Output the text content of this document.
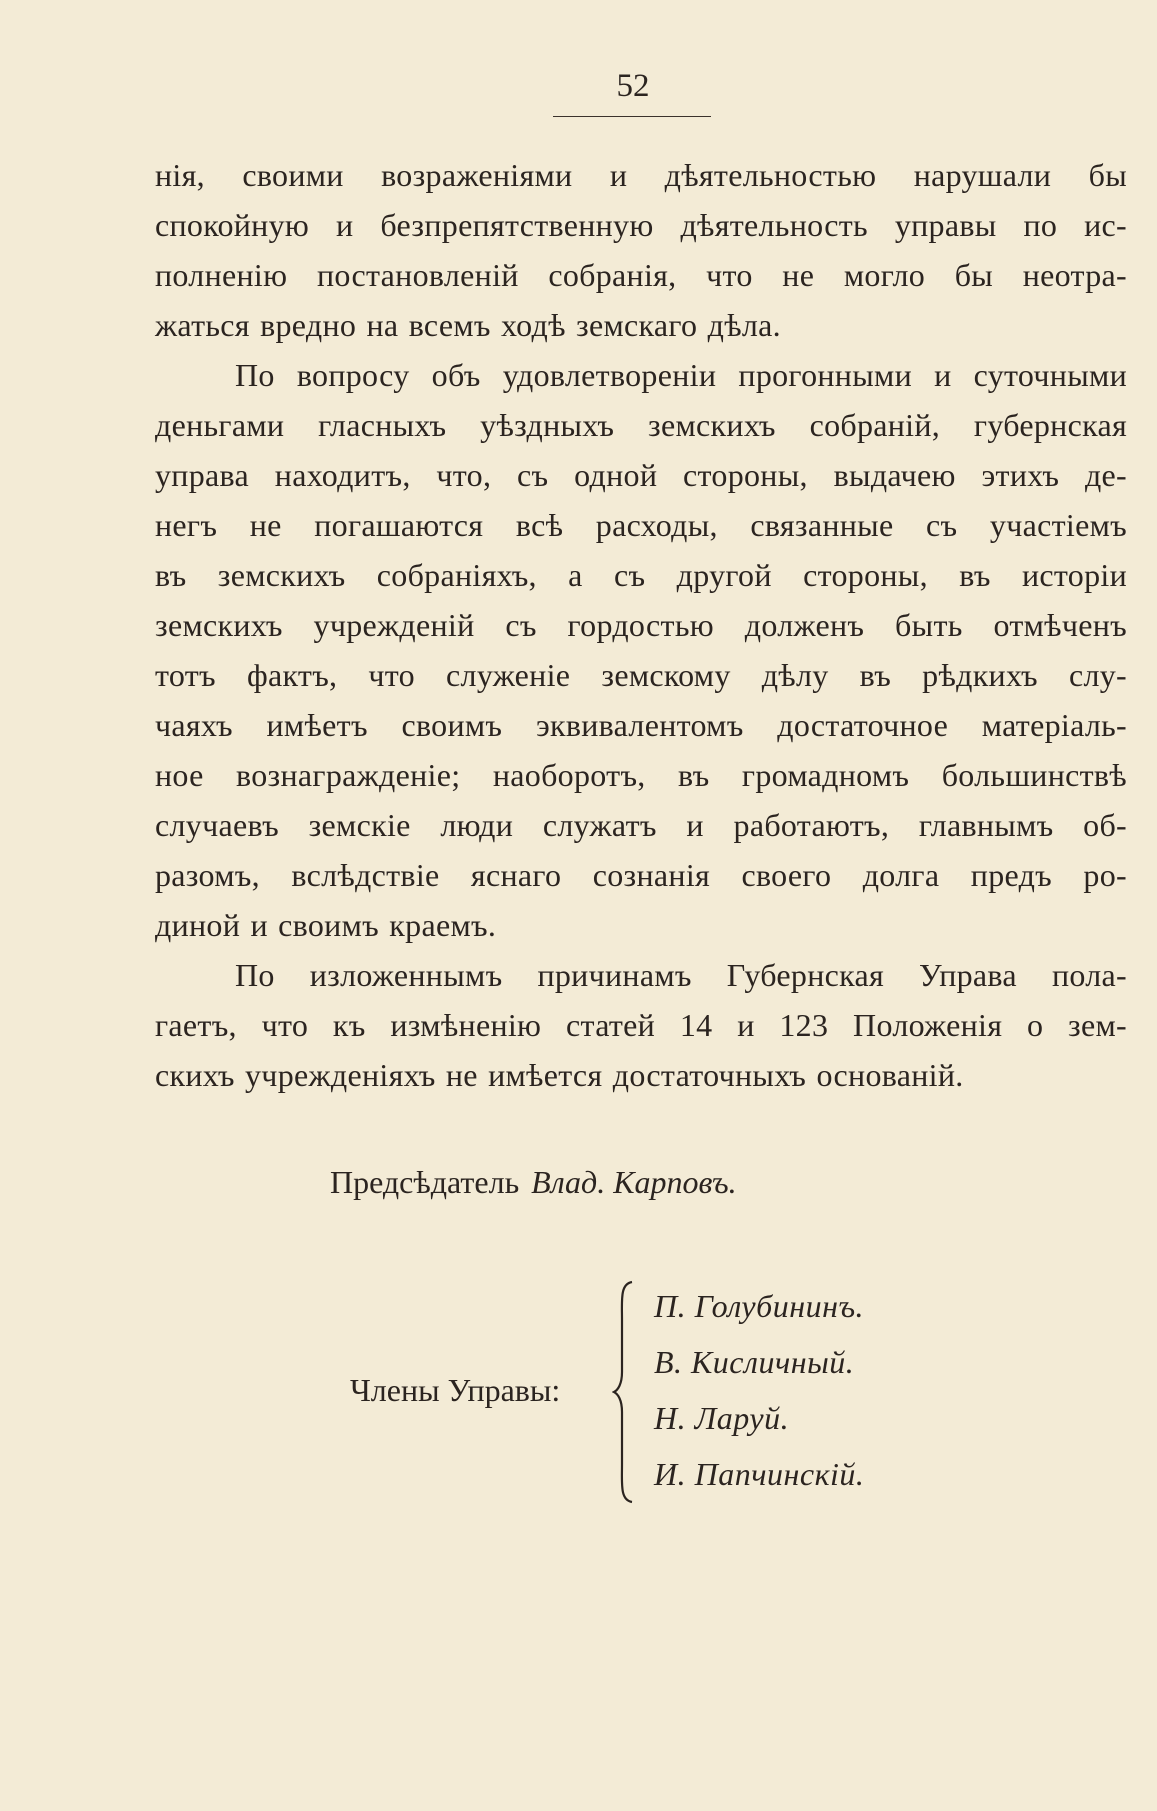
52
нія, своими возраженіями и дѣятельностью нарушали бы
спокойную и безпрепятственную дѣятельность управы по ис-
полненію постановленій собранія, что не могло бы неотра-
жаться вредно на всемъ ходѣ земскаго дѣла.
По вопросу объ удовлетвореніи прогонными и суточными
деньгами гласныхъ уѣздныхъ земскихъ собраній, губернская
управа находитъ, что, съ одной стороны, выдачею этихъ де-
негъ не погашаются всѣ расходы, связанные съ участіемъ
въ земскихъ собраніяхъ, а съ другой стороны, въ исторіи
земскихъ учрежденій съ гордостью долженъ быть отмѣченъ
тотъ фактъ, что служеніе земскому дѣлу въ рѣдкихъ слу-
чаяхъ имѣетъ своимъ эквивалентомъ достаточное матеріаль-
ное вознагражденіе; наоборотъ, въ громадномъ большинствѣ
случаевъ земскіе люди служатъ и работаютъ, главнымъ об-
разомъ, вслѣдствіе яснаго сознанія своего долга предъ ро-
диной и своимъ краемъ.
По изложеннымъ причинамъ Губернская Управа пола-
гаетъ, что къ измѣненію статей 14 и 123 Положенія о зем-
скихъ учрежденіяхъ не имѣется достаточныхъ основаній.
Предсѣдатель Влад. Карповъ.
Члены Управы:
П. Голубининъ.
В. Кисличный.
Н. Ларуй.
И. Папчинскій.
